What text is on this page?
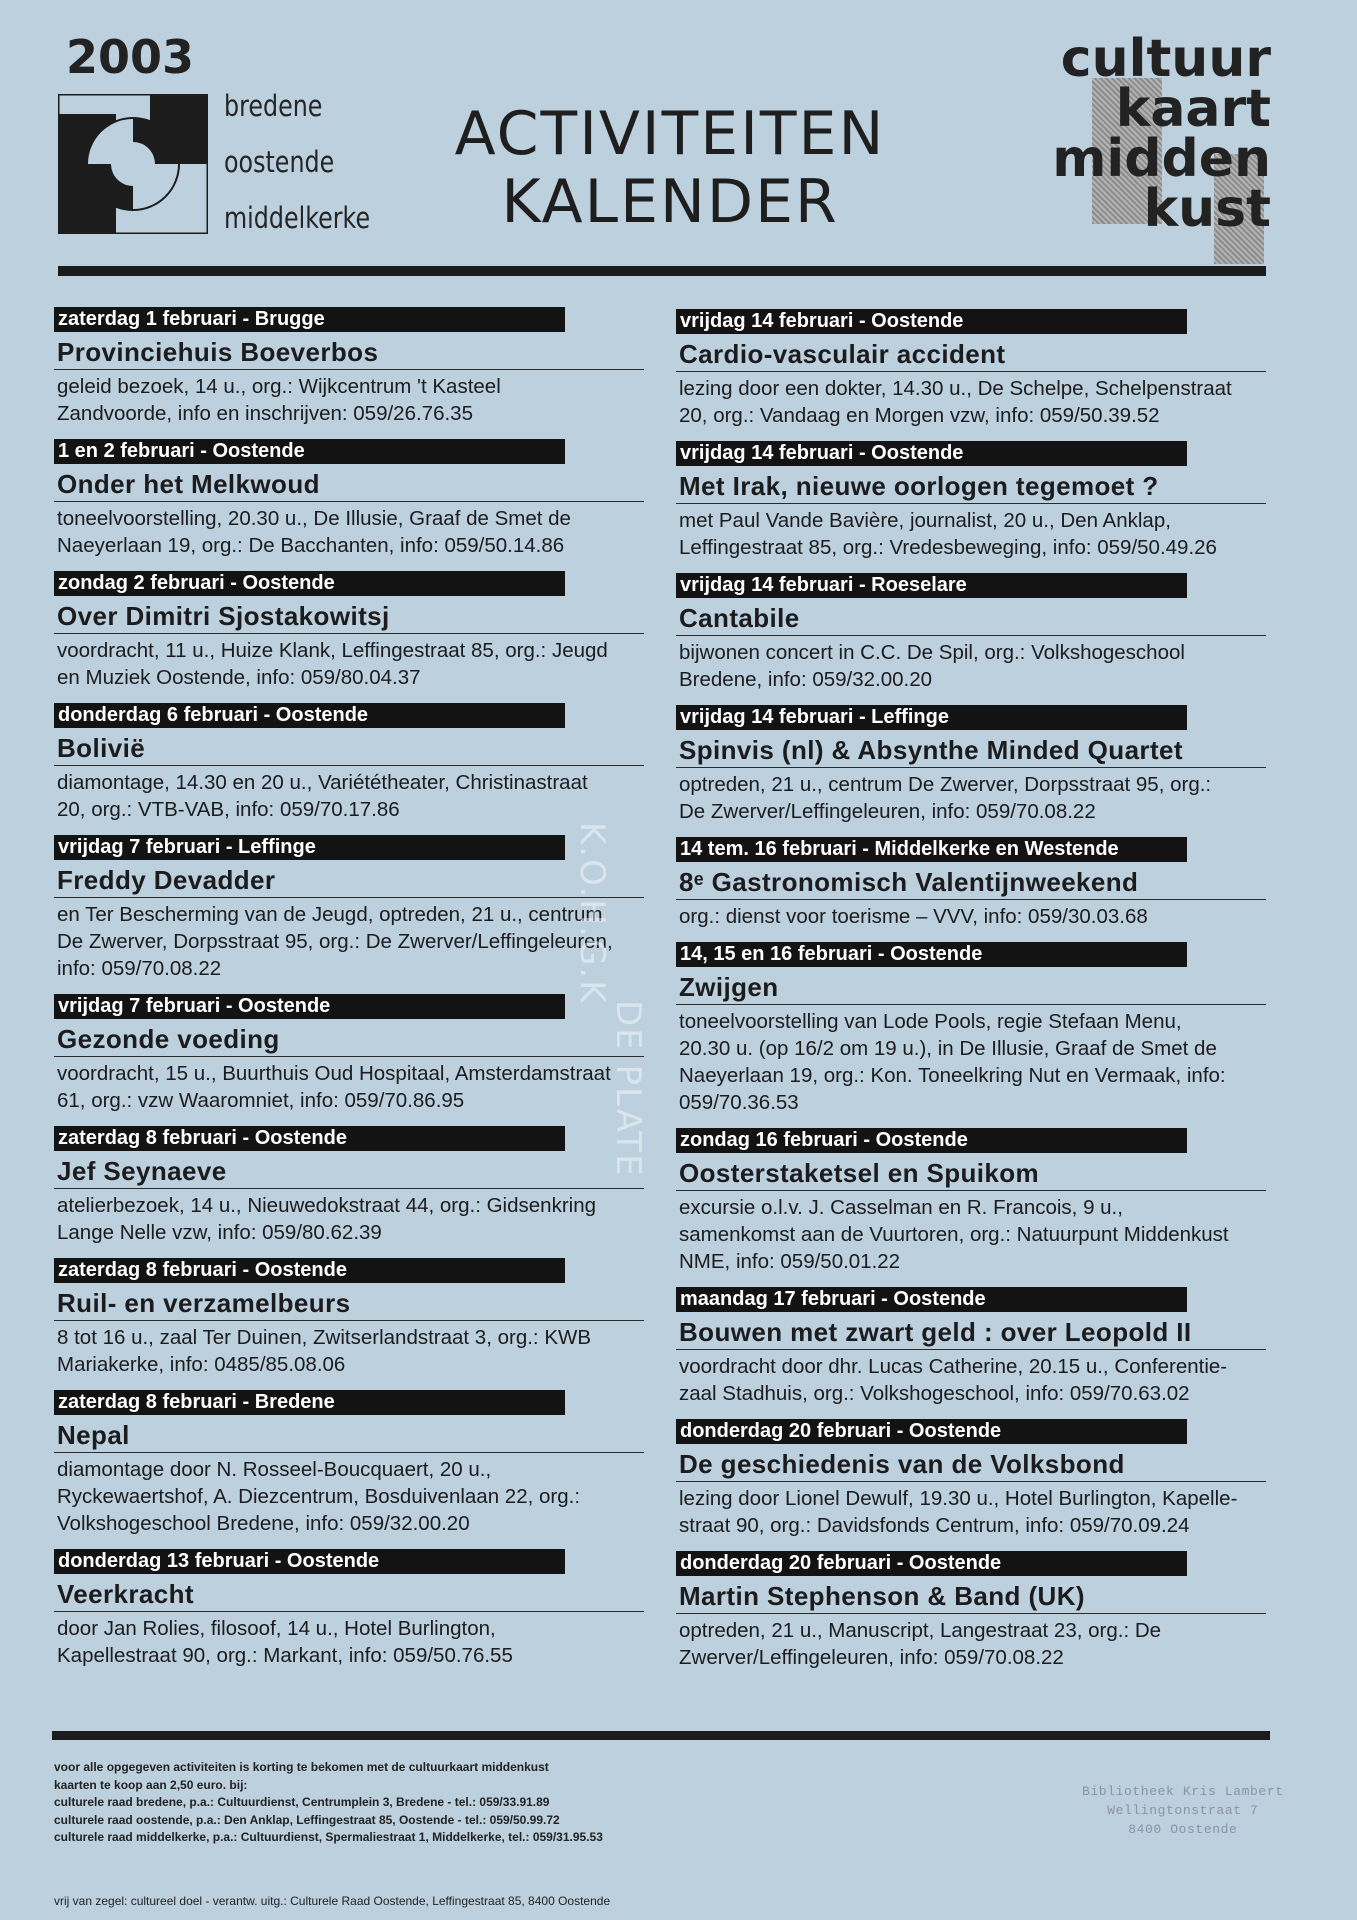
2003
bredene
oostende
middelkerke
ACTIVITEITEN
KALENDER
cultuur
kaart
midden
kust
zaterdag 1 februari - Brugge
Provinciehuis Boeverbos
geleid bezoek, 14 u., org.: Wijkcentrum 't Kasteel
Zandvoorde, info en inschrijven: 059/26.76.35
1 en 2 februari - Oostende
Onder het Melkwoud
toneelvoorstelling, 20.30 u., De Illusie, Graaf de Smet de
Naeyerlaan 19, org.: De Bacchanten, info: 059/50.14.86
zondag 2 februari - Oostende
Over Dimitri Sjostakowitsj
voordracht, 11 u., Huize Klank, Leffingestraat 85, org.: Jeugd
en Muziek Oostende, info: 059/80.04.37
donderdag 6 februari - Oostende
Bolivië
diamontage, 14.30 en 20 u., Variététheater, Christinastraat
20, org.: VTB-VAB, info: 059/70.17.86
vrijdag 7 februari - Leffinge
Freddy Devadder
en Ter Bescherming van de Jeugd, optreden, 21 u., centrum
De Zwerver, Dorpsstraat 95, org.: De Zwerver/Leffingeleuren,
info: 059/70.08.22
vrijdag 7 februari - Oostende
Gezonde voeding
voordracht, 15 u., Buurthuis Oud Hospitaal, Amsterdamstraat
61, org.: vzw Waaromniet, info: 059/70.86.95
zaterdag 8 februari - Oostende
Jef Seynaeve
atelierbezoek, 14 u., Nieuwedokstraat 44, org.: Gidsenkring
Lange Nelle vzw, info: 059/80.62.39
zaterdag 8 februari - Oostende
Ruil- en verzamelbeurs
8 tot 16 u., zaal Ter Duinen, Zwitserlandstraat 3, org.: KWB
Mariakerke, info: 0485/85.08.06
zaterdag 8 februari - Bredene
Nepal
diamontage door N. Rosseel-Boucquaert, 20 u.,
Ryckewaertshof, A. Diezcentrum, Bosduivenlaan 22, org.:
Volkshogeschool Bredene, info: 059/32.00.20
donderdag 13 februari - Oostende
Veerkracht
door Jan Rolies, filosoof, 14 u., Hotel Burlington,
Kapellestraat 90, org.: Markant, info: 059/50.76.55
vrijdag 14 februari - Oostende
Cardio-vasculair accident
lezing door een dokter, 14.30 u., De Schelpe, Schelpenstraat
20, org.: Vandaag en Morgen vzw, info: 059/50.39.52
vrijdag 14 februari - Oostende
Met Irak, nieuwe oorlogen tegemoet ?
met Paul Vande Bavière, journalist, 20 u., Den Anklap,
Leffingestraat 85, org.: Vredesbeweging, info: 059/50.49.26
vrijdag 14 februari - Roeselare
Cantabile
bijwonen concert in C.C. De Spil, org.: Volkshogeschool
Bredene, info: 059/32.00.20
vrijdag 14 februari - Leffinge
Spinvis (nl) & Absynthe Minded Quartet
optreden, 21 u., centrum De Zwerver, Dorpsstraat 95, org.:
De Zwerver/Leffingeleuren, info: 059/70.08.22
14 tem. 16 februari - Middelkerke en Westende
8ᵉ Gastronomisch Valentijnweekend
org.: dienst voor toerisme – VVV, info: 059/30.03.68
14, 15 en 16 februari - Oostende
Zwijgen
toneelvoorstelling van Lode Pools, regie Stefaan Menu,
20.30 u. (op 16/2 om 19 u.), in De Illusie, Graaf de Smet de
Naeyerlaan 19, org.: Kon. Toneelkring Nut en Vermaak, info:
059/70.36.53
zondag 16 februari - Oostende
Oosterstaketsel en Spuikom
excursie o.l.v. J. Casselman en R. Francois, 9 u.,
samenkomst aan de Vuurtoren, org.: Natuurpunt Middenkust
NME, info: 059/50.01.22
maandag 17 februari - Oostende
Bouwen met zwart geld : over Leopold II
voordracht door dhr. Lucas Catherine, 20.15 u., Conferentie-
zaal Stadhuis, org.: Volkshogeschool, info: 059/70.63.02
donderdag 20 februari - Oostende
De geschiedenis van de Volksbond
lezing door Lionel Dewulf, 19.30 u., Hotel Burlington, Kapelle-
straat 90, org.: Davidsfonds Centrum, info: 059/70.09.24
donderdag 20 februari - Oostende
Martin Stephenson & Band (UK)
optreden, 21 u., Manuscript, Langestraat 23, org.: De
Zwerver/Leffingeleuren, info: 059/70.08.22
voor alle opgegeven activiteiten is korting te bekomen met de cultuurkaart middenkust
kaarten te koop aan 2,50 euro. bij:
culturele raad bredene, p.a.: Cultuurdienst, Centrumplein 3, Bredene - tel.: 059/33.91.89
culturele raad oostende, p.a.: Den Anklap, Leffingestraat 85, Oostende - tel.: 059/50.99.72
culturele raad middelkerke, p.a.: Cultuurdienst, Spermaliestraat 1, Middelkerke, tel.: 059/31.95.53
vrij van zegel: cultureel doel - verantw. uitg.: Culturele Raad Oostende, Leffingestraat 85, 8400 Oostende
Bibliotheek Kris Lambert
Wellingtonstraat 7
8400 Oostende
K.O.H.G.K
DE PLATE
